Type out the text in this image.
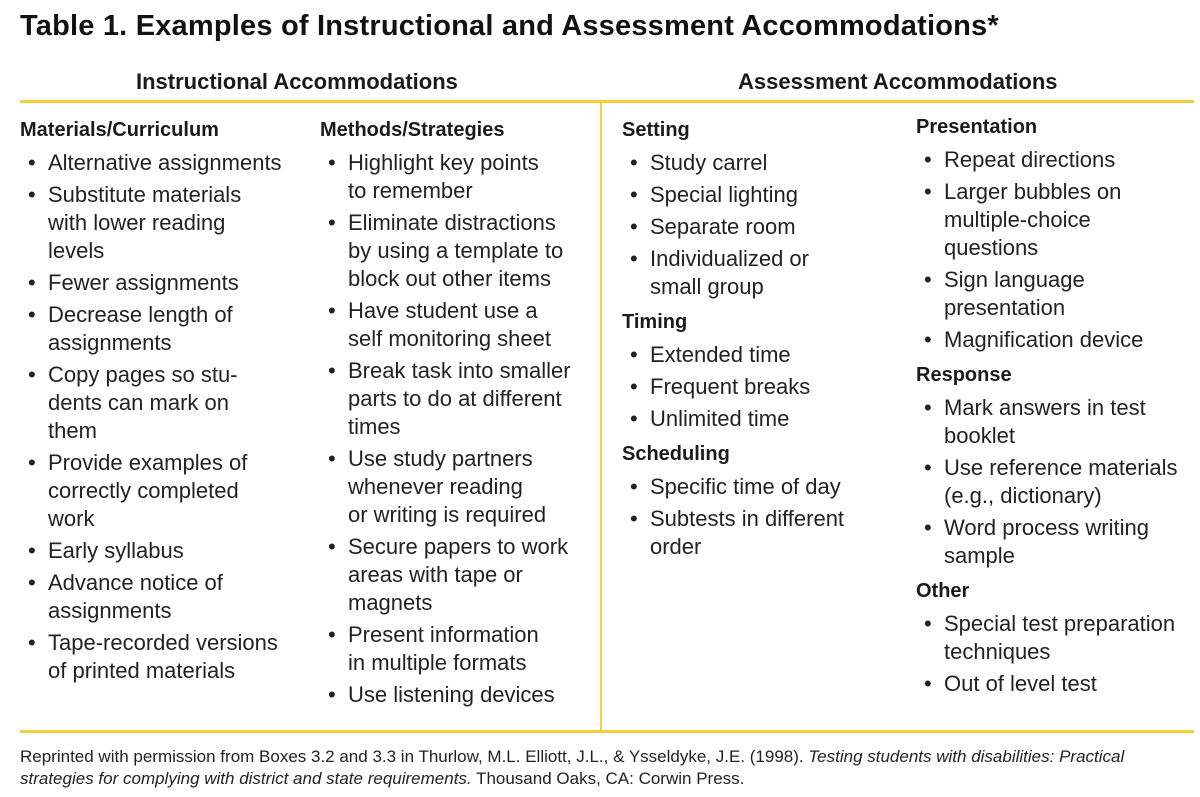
Table 1. Examples of Instructional and Assessment Accommodations*
Instructional Accommodations	Assessment Accommodations
Materials/Curriculum
• Alternative assignments
• Substitute materials
with lower reading
levels
• Fewer assignments
• Decrease length of
assignments
• Copy pages so stu-
dents can mark on
them
• Provide examples of
correctly completed
work
• Early syllabus
• Advance notice of
assignments
• Tape-recorded versions
of printed materials
Methods/Strategies
• Highlight key points
to remember
• Eliminate distractions
by using a template to
block out other items
• Have student use a
self monitoring sheet
• Break task into smaller
parts to do at different
times
• Use study partners
whenever reading
or writing is required
• Secure papers to work
areas with tape or
magnets
• Present information
in multiple formats
• Use listening devices
Setting
• Study carrel
• Special lighting
• Separate room
• Individualized or
small group
Timing
• Extended time
• Frequent breaks
• Unlimited time
Scheduling
• Specific time of day
• Subtests in different
order
Presentation
• Repeat directions
• Larger bubbles on
multiple-choice
questions
• Sign language
presentation
• Magnification device
Response
• Mark answers in test
booklet
• Use reference materials
(e.g., dictionary)
• Word process writing
sample
Other
• Special test preparation
techniques
• Out of level test
Reprinted with permission from Boxes 3.2 and 3.3 in Thurlow, M.L. Elliott, J.L., & Ysseldyke, J.E. (1998). Testing students with disabilities: Practical strategies for complying with district and state requirements. Thousand Oaks, CA: Corwin Press.
